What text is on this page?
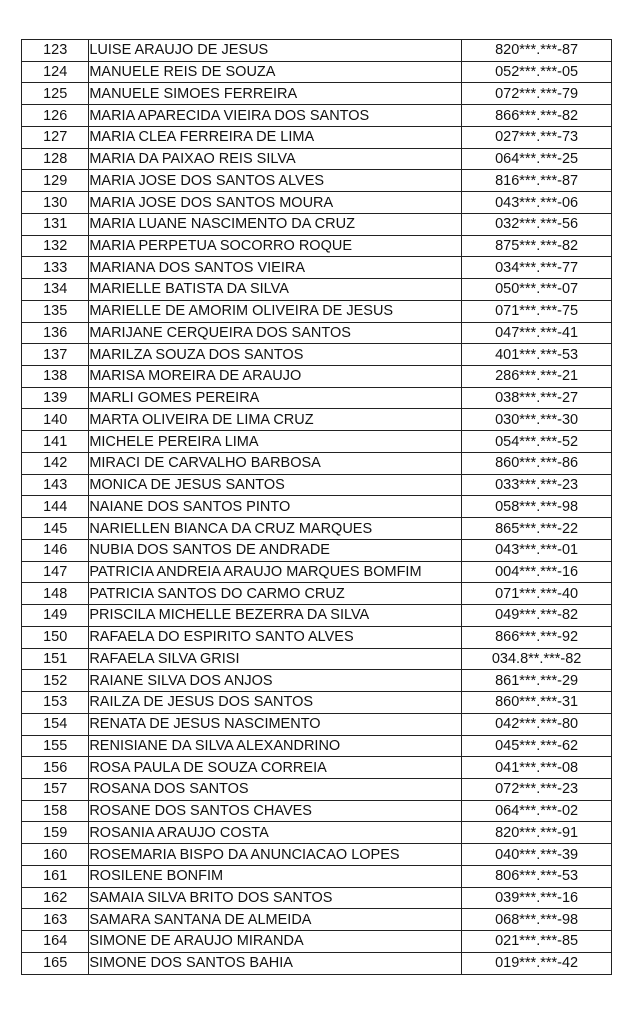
123	LUISE ARAUJO DE JESUS	820***.***-87
124	MANUELE REIS DE SOUZA	052***.***-05
125	MANUELE SIMOES FERREIRA	072***.***-79
126	MARIA APARECIDA VIEIRA DOS SANTOS	866***.***-82
127	MARIA CLEA FERREIRA DE LIMA	027***.***-73
128	MARIA DA PAIXAO REIS SILVA	064***.***-25
129	MARIA JOSE DOS SANTOS ALVES	816***.***-87
130	MARIA JOSE DOS SANTOS MOURA	043***.***-06
131	MARIA LUANE NASCIMENTO DA CRUZ	032***.***-56
132	MARIA PERPETUA SOCORRO ROQUE	875***.***-82
133	MARIANA DOS SANTOS VIEIRA	034***.***-77
134	MARIELLE BATISTA DA SILVA	050***.***-07
135	MARIELLE DE AMORIM OLIVEIRA DE JESUS	071***.***-75
136	MARIJANE CERQUEIRA DOS SANTOS	047***.***-41
137	MARILZA SOUZA DOS SANTOS	401***.***-53
138	MARISA MOREIRA DE ARAUJO	286***.***-21
139	MARLI GOMES PEREIRA	038***.***-27
140	MARTA OLIVEIRA DE LIMA CRUZ	030***.***-30
141	MICHELE PEREIRA LIMA	054***.***-52
142	MIRACI DE CARVALHO BARBOSA	860***.***-86
143	MONICA DE JESUS SANTOS	033***.***-23
144	NAIANE DOS SANTOS PINTO	058***.***-98
145	NARIELLEN BIANCA DA CRUZ MARQUES	865***.***-22
146	NUBIA DOS SANTOS DE ANDRADE	043***.***-01
147	PATRICIA ANDREIA ARAUJO MARQUES BOMFIM	004***.***-16
148	PATRICIA SANTOS DO CARMO CRUZ	071***.***-40
149	PRISCILA MICHELLE BEZERRA DA SILVA	049***.***-82
150	RAFAELA DO ESPIRITO SANTO ALVES	866***.***-92
151	RAFAELA SILVA GRISI	034.8**.***-82
152	RAIANE SILVA DOS ANJOS	861***.***-29
153	RAILZA DE JESUS DOS SANTOS	860***.***-31
154	RENATA DE JESUS NASCIMENTO	042***.***-80
155	RENISIANE DA SILVA ALEXANDRINO	045***.***-62
156	ROSA PAULA DE SOUZA CORREIA	041***.***-08
157	ROSANA DOS SANTOS	072***.***-23
158	ROSANE DOS SANTOS CHAVES	064***.***-02
159	ROSANIA ARAUJO COSTA	820***.***-91
160	ROSEMARIA BISPO DA ANUNCIACAO LOPES	040***.***-39
161	ROSILENE BONFIM	806***.***-53
162	SAMAIA SILVA BRITO DOS SANTOS	039***.***-16
163	SAMARA SANTANA DE ALMEIDA	068***.***-98
164	SIMONE DE ARAUJO MIRANDA	021***.***-85
165	SIMONE DOS SANTOS BAHIA	019***.***-42
